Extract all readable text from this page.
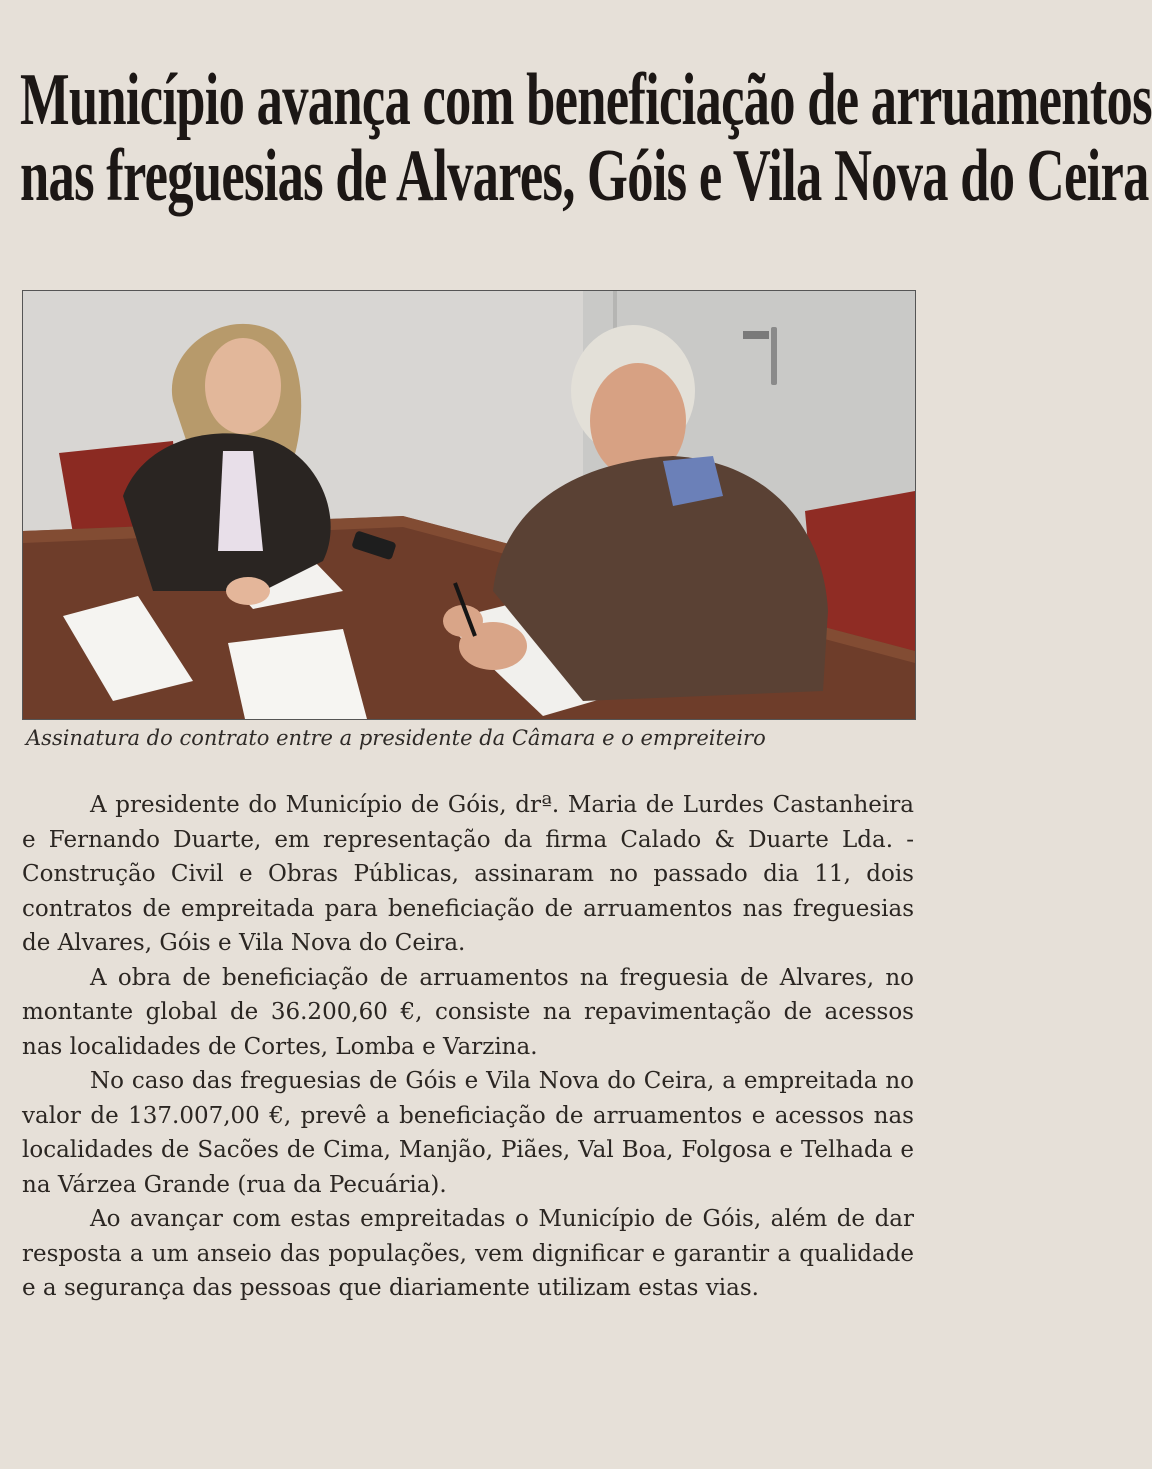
Município avança com beneficiação de arruamentos
nas freguesias de Alvares, Góis e Vila Nova do Ceira
Assinatura do contrato entre a presidente da Câmara e o empreiteiro

A presidente do Município de Góis, drª. Maria de Lurdes Castanheira e Fernando Duarte, em representação da firma Calado & Duarte Lda. - Construção Civil e Obras Públicas, assinaram no passado dia 11, dois contratos de empreitada para beneficiação de arruamentos nas freguesias de Alvares, Góis e Vila Nova do Ceira.

A obra de beneficiação de arruamentos na freguesia de Alvares, no montante global de 36.200,60 €, consiste na repavimentação de acessos nas localidades de Cortes, Lomba e Varzina.

No caso das freguesias de Góis e Vila Nova do Ceira, a empreitada no valor de 137.007,00 €, prevê a beneficiação de arruamentos e acessos nas localidades de Sacões de Cima, Manjão, Piães, Val Boa, Folgosa e Telhada e na Várzea Grande (rua da Pecuária).

Ao avançar com estas empreitadas o Município de Góis, além de dar resposta a um anseio das populações, vem dignificar e garantir a qualidade e a segurança das pessoas que diariamente utilizam estas vias.
